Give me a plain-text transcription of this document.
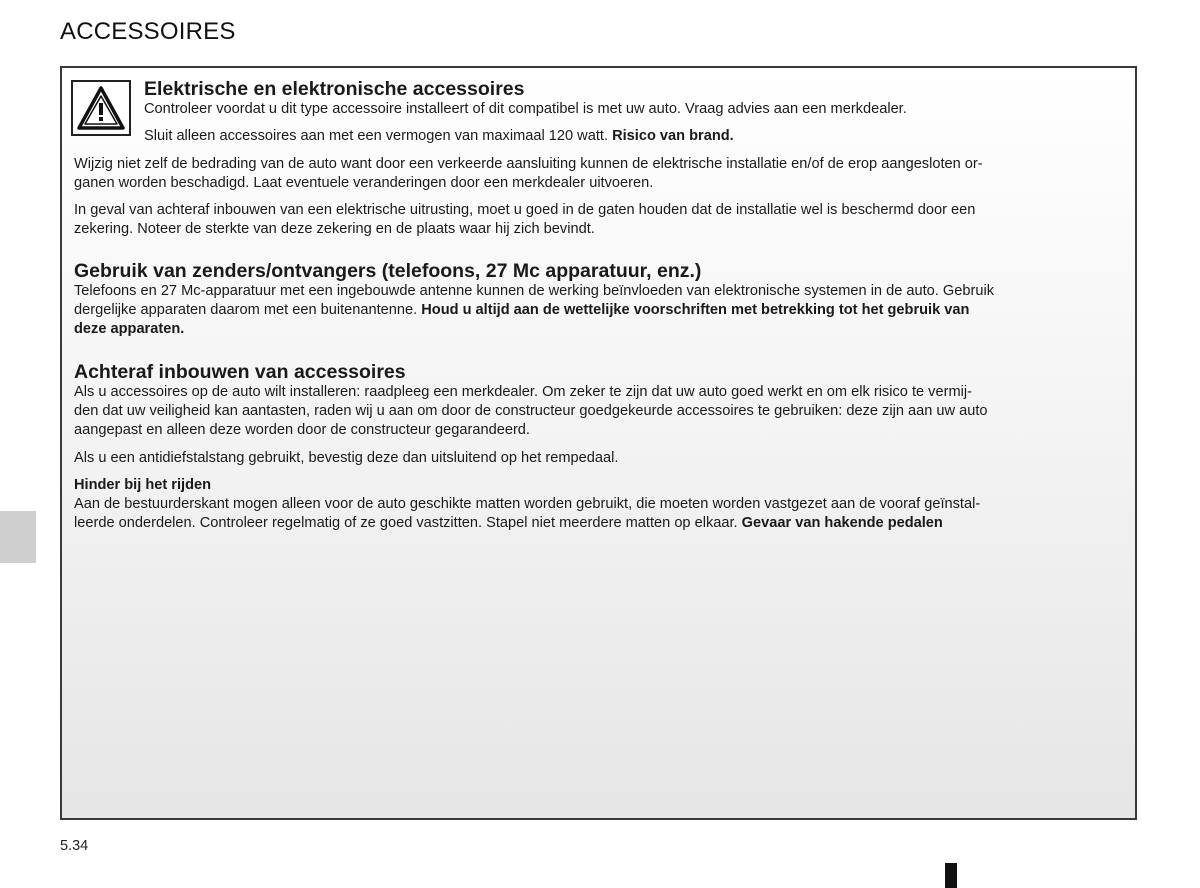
ACCESSOIRES
Elektrische en elektronische accessoires

Controleer voordat u dit type accessoire installeert of dit compatibel is met uw auto. Vraag advies aan een merkdealer.

Sluit alleen accessoires aan met een vermogen van maximaal 120 watt. Risico van brand.

Wijzig niet zelf de bedrading van de auto want door een verkeerde aansluiting kunnen de elektrische installatie en/of de erop aangesloten or-
ganen worden beschadigd. Laat eventuele veranderingen door een merkdealer uitvoeren.

In geval van achteraf inbouwen van een elektrische uitrusting, moet u goed in de gaten houden dat de installatie wel is beschermd door een
zekering. Noteer de sterkte van deze zekering en de plaats waar hij zich bevindt.

Gebruik van zenders/ontvangers (telefoons, 27 Mc apparatuur, enz.)

Telefoons en 27 Mc-apparatuur met een ingebouwde antenne kunnen de werking beïnvloeden van elektronische systemen in de auto. Gebruik
dergelijke apparaten daarom met een buitenantenne. Houd u altijd aan de wettelijke voorschriften met betrekking tot het gebruik van
deze apparaten.

Achteraf inbouwen van accessoires

Als u accessoires op de auto wilt installeren: raadpleeg een merkdealer. Om zeker te zijn dat uw auto goed werkt en om elk risico te vermij-
den dat uw veiligheid kan aantasten, raden wij u aan om door de constructeur goedgekeurde accessoires te gebruiken: deze zijn aan uw auto
aangepast en alleen deze worden door de constructeur gegarandeerd.

Als u een antidiefstalstang gebruikt, bevestig deze dan uitsluitend op het rempedaal.

Hinder bij het rijden

Aan de bestuurderskant mogen alleen voor de auto geschikte matten worden gebruikt, die moeten worden vastgezet aan de vooraf geïnstal-
leerde onderdelen. Controleer regelmatig of ze goed vastzitten. Stapel niet meerdere matten op elkaar. Gevaar van hakende pedalen

5.34
